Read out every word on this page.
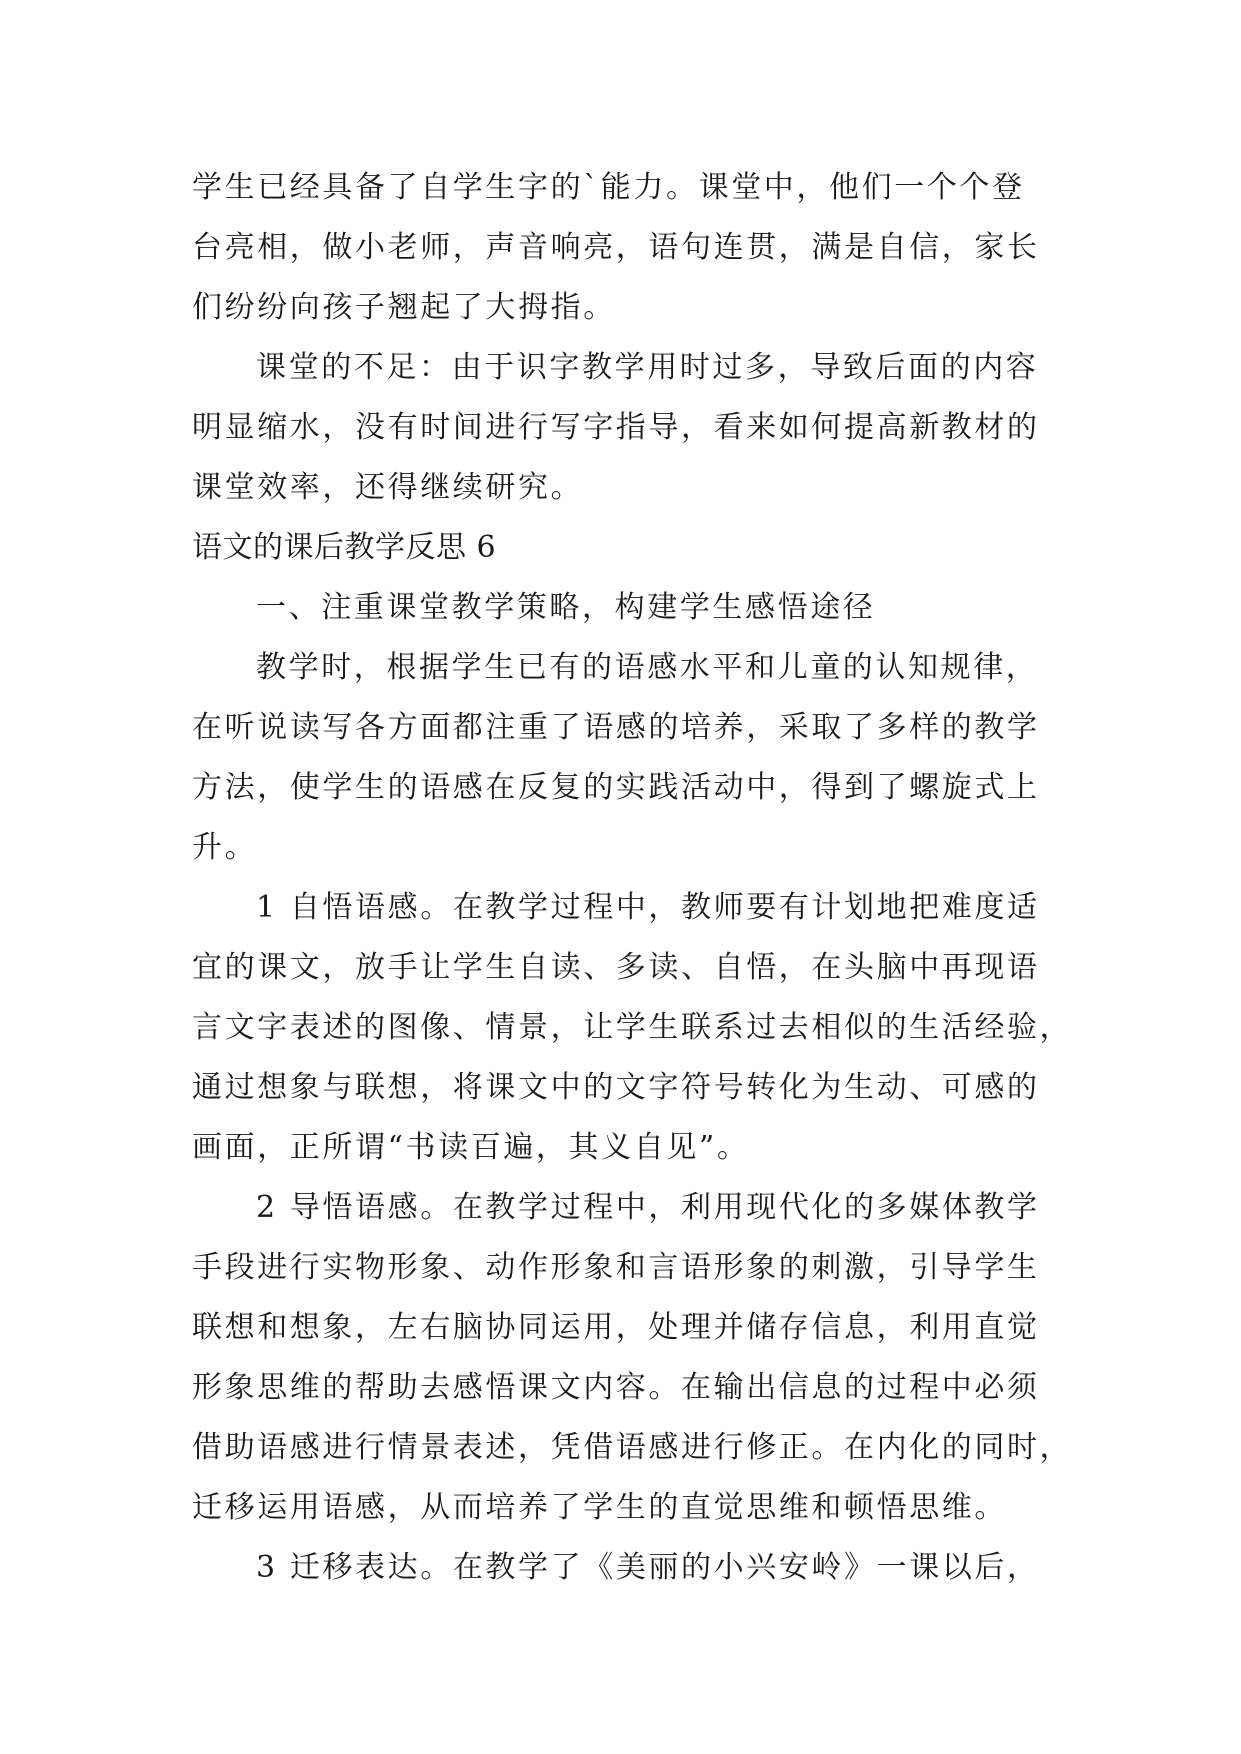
学生已经具备了自学生字的`能力。课堂中，他们一个个登
台亮相，做小老师，声音响亮，语句连贯，满是自信，家长
们纷纷向孩子翘起了大拇指。
课堂的不足：由于识字教学用时过多，导致后面的内容
明显缩水，没有时间进行写字指导，看来如何提高新教材的
课堂效率，还得继续研究。
语文的课后教学反思 6
一、注重课堂教学策略，构建学生感悟途径
教学时，根据学生已有的语感水平和儿童的认知规律，
在听说读写各方面都注重了语感的培养，采取了多样的教学
方法，使学生的语感在反复的实践活动中，得到了螺旋式上
升。
1 自悟语感。在教学过程中，教师要有计划地把难度适
宜的课文，放手让学生自读、多读、自悟，在头脑中再现语
言文字表述的图像、情景，让学生联系过去相似的生活经验，
通过想象与联想，将课文中的文字符号转化为生动、可感的
画面，正所谓“书读百遍，其义自见”。
2 导悟语感。在教学过程中，利用现代化的多媒体教学
手段进行实物形象、动作形象和言语形象的刺激，引导学生
联想和想象，左右脑协同运用，处理并储存信息，利用直觉
形象思维的帮助去感悟课文内容。在输出信息的过程中必须
借助语感进行情景表述，凭借语感进行修正。在内化的同时，
迁移运用语感，从而培养了学生的直觉思维和顿悟思维。
3 迁移表达。在教学了《美丽的小兴安岭》一课以后，
